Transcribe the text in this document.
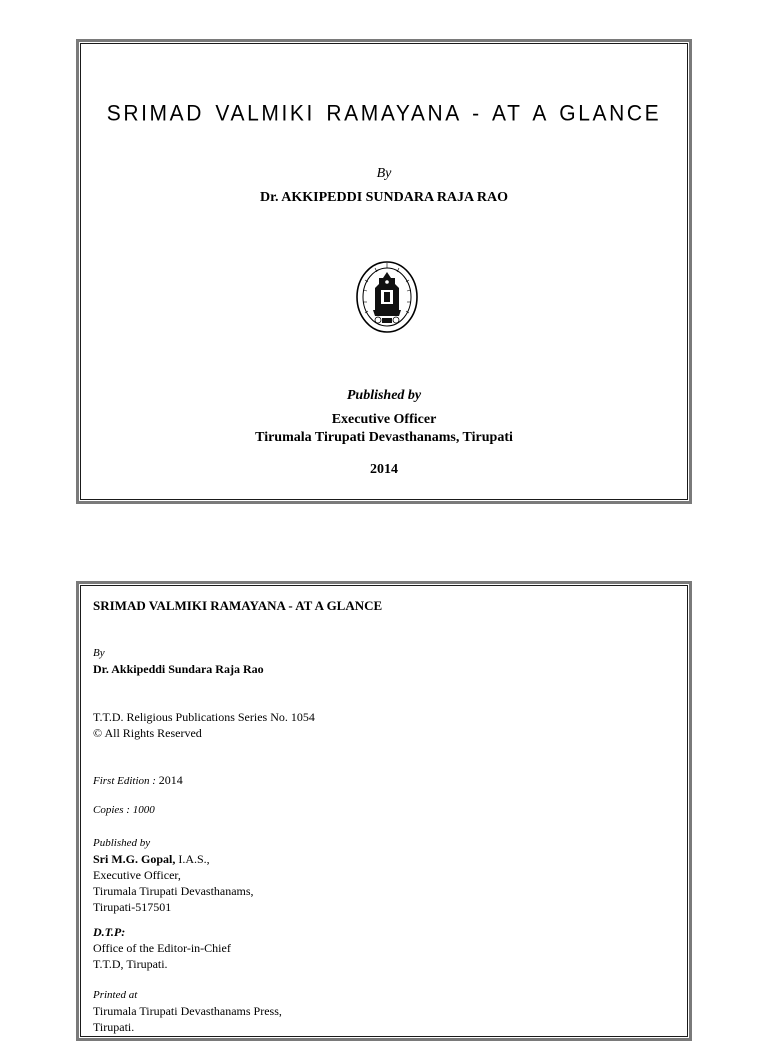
SRIMAD VALMIKI RAMAYANA - AT A GLANCE
By
Dr. AKKIPEDDI SUNDARA RAJA RAO
Published by
Executive Officer
Tirumala Tirupati Devasthanams, Tirupati
2014
SRIMAD VALMIKI RAMAYANA - AT A GLANCE
By
Dr. Akkipeddi Sundara Raja Rao
T.T.D. Religious Publications Series No. 1054
© All Rights Reserved
First Edition : 2014
Copies : 1000
Published by
Sri M.G. Gopal, I.A.S.,
Executive Officer,
Tirumala Tirupati Devasthanams,
Tirupati-517501
D.T.P:
Office of the Editor-in-Chief
T.T.D, Tirupati.
Printed at
Tirumala Tirupati Devasthanams Press,
Tirupati.
